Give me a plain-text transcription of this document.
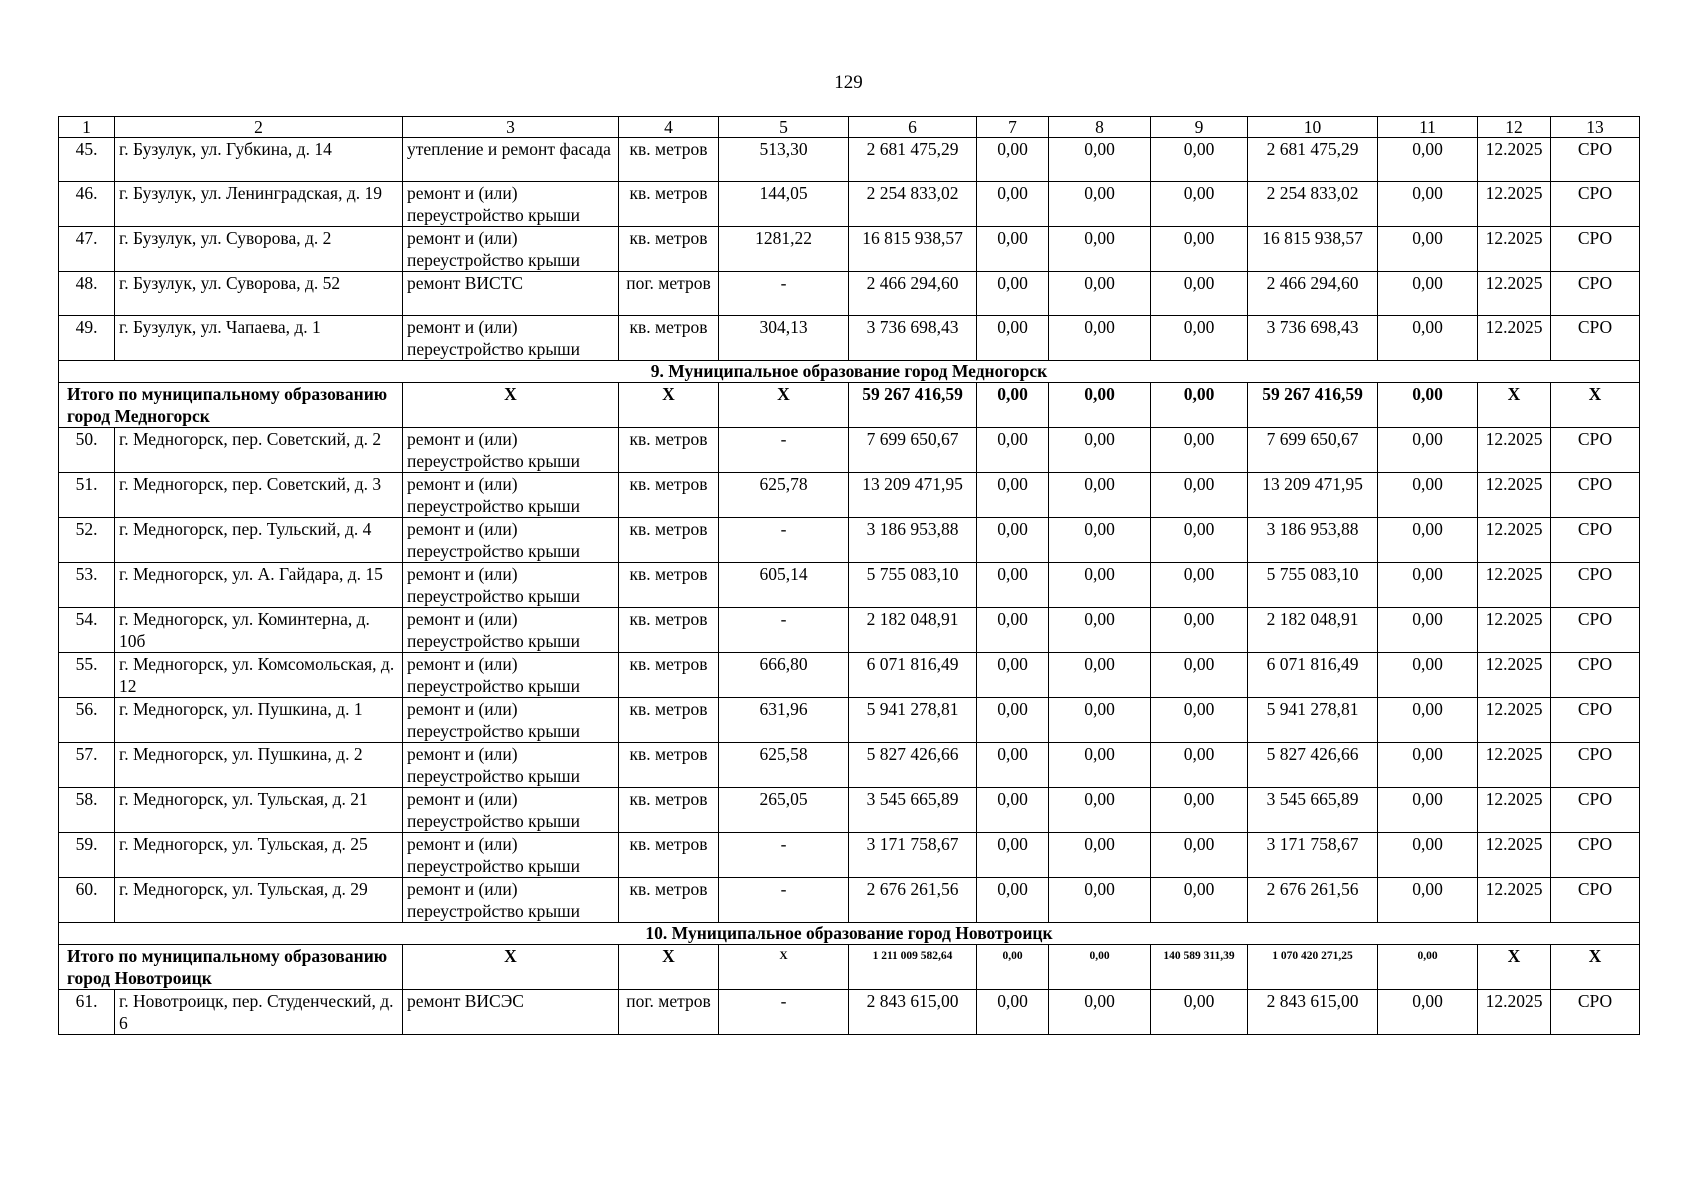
129
1	2	3	4	5	6	7	8	9	10	11	12	13
45.	г. Бузулук, ул. Губкина, д. 14	утепление и ремонт фасада	кв. метров	513,30	2 681 475,29	0,00	0,00	0,00	2 681 475,29	0,00	12.2025	СРО
46.	г. Бузулук, ул. Ленинградская, д. 19	ремонт и (или) переустройство крыши	кв. метров	144,05	2 254 833,02	0,00	0,00	0,00	2 254 833,02	0,00	12.2025	СРО
47.	г. Бузулук, ул. Суворова, д. 2	ремонт и (или) переустройство крыши	кв. метров	1281,22	16 815 938,57	0,00	0,00	0,00	16 815 938,57	0,00	12.2025	СРО
48.	г. Бузулук, ул. Суворова, д. 52	ремонт ВИСТС	пог. метров	-	2 466 294,60	0,00	0,00	0,00	2 466 294,60	0,00	12.2025	СРО
49.	г. Бузулук, ул. Чапаева, д. 1	ремонт и (или) переустройство крыши	кв. метров	304,13	3 736 698,43	0,00	0,00	0,00	3 736 698,43	0,00	12.2025	СРО
9. Муниципальное образование город Медногорск												
Итого по муниципальному образованию город Медногорск		Х	Х	Х	59 267 416,59	0,00	0,00	0,00	59 267 416,59	0,00	Х	Х
50.	г. Медногорск, пер. Советский, д. 2	ремонт и (или) переустройство крыши	кв. метров	-	7 699 650,67	0,00	0,00	0,00	7 699 650,67	0,00	12.2025	СРО
51.	г. Медногорск, пер. Советский, д. 3	ремонт и (или) переустройство крыши	кв. метров	625,78	13 209 471,95	0,00	0,00	0,00	13 209 471,95	0,00	12.2025	СРО
52.	г. Медногорск, пер. Тульский, д. 4	ремонт и (или) переустройство крыши	кв. метров	-	3 186 953,88	0,00	0,00	0,00	3 186 953,88	0,00	12.2025	СРО
53.	г. Медногорск, ул. А. Гайдара, д. 15	ремонт и (или) переустройство крыши	кв. метров	605,14	5 755 083,10	0,00	0,00	0,00	5 755 083,10	0,00	12.2025	СРО
54.	г. Медногорск, ул. Коминтерна, д. 10б	ремонт и (или) переустройство крыши	кв. метров	-	2 182 048,91	0,00	0,00	0,00	2 182 048,91	0,00	12.2025	СРО
55.	г. Медногорск, ул. Комсомольская, д. 12	ремонт и (или) переустройство крыши	кв. метров	666,80	6 071 816,49	0,00	0,00	0,00	6 071 816,49	0,00	12.2025	СРО
56.	г. Медногорск, ул. Пушкина, д. 1	ремонт и (или) переустройство крыши	кв. метров	631,96	5 941 278,81	0,00	0,00	0,00	5 941 278,81	0,00	12.2025	СРО
57.	г. Медногорск, ул. Пушкина, д. 2	ремонт и (или) переустройство крыши	кв. метров	625,58	5 827 426,66	0,00	0,00	0,00	5 827 426,66	0,00	12.2025	СРО
58.	г. Медногорск, ул. Тульская, д. 21	ремонт и (или) переустройство крыши	кв. метров	265,05	3 545 665,89	0,00	0,00	0,00	3 545 665,89	0,00	12.2025	СРО
59.	г. Медногорск, ул. Тульская, д. 25	ремонт и (или) переустройство крыши	кв. метров	-	3 171 758,67	0,00	0,00	0,00	3 171 758,67	0,00	12.2025	СРО
60.	г. Медногорск, ул. Тульская, д. 29	ремонт и (или) переустройство крыши	кв. метров	-	2 676 261,56	0,00	0,00	0,00	2 676 261,56	0,00	12.2025	СРО
10. Муниципальное образование город Новотроицк												
Итого по муниципальному образованию город Новотроицк		Х	Х	Х	1 211 009 582,64	0,00	0,00	140 589 311,39	1 070 420 271,25	0,00	Х	Х
61.	г. Новотроицк, пер. Студенческий, д. 6	ремонт ВИСЭС	пог. метров	-	2 843 615,00	0,00	0,00	0,00	2 843 615,00	0,00	12.2025	СРО
